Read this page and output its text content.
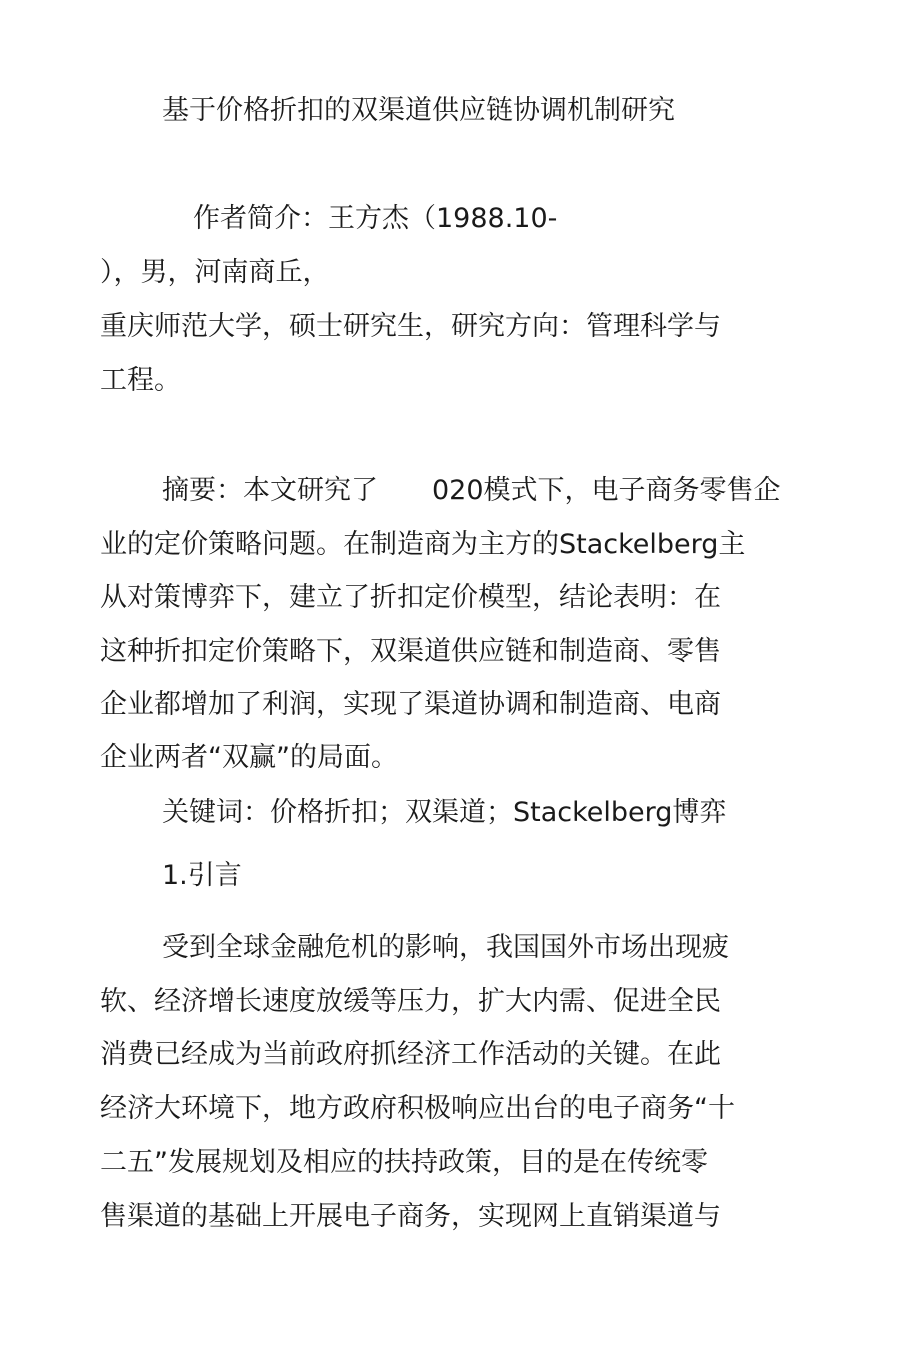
基于价格折扣的双渠道供应链协调机制研究
作者简介：王方杰（1988.10-
），男，河南商丘，
重庆师范大学，硕士研究生，研究方向：管理科学与
工程。
摘要：本文研究了　　020模式下，电子商务零售企
业的定价策略问题。在制造商为主方的Stackelberg主
从对策博弈下，建立了折扣定价模型，结论表明：在
这种折扣定价策略下，双渠道供应链和制造商、零售
企业都增加了利润，实现了渠道协调和制造商、电商
企业两者“双赢”的局面。
关键词：价格折扣；双渠道；Stackelberg博弈
1.引言
受到全球金融危机的影响，我国国外市场出现疲
软、经济增长速度放缓等压力，扩大内需、促进全民
消费已经成为当前政府抓经济工作活动的关键。在此
经济大环境下，地方政府积极响应出台的电子商务“十
二五”发展规划及相应的扶持政策，目的是在传统零
售渠道的基础上开展电子商务，实现网上直销渠道与
